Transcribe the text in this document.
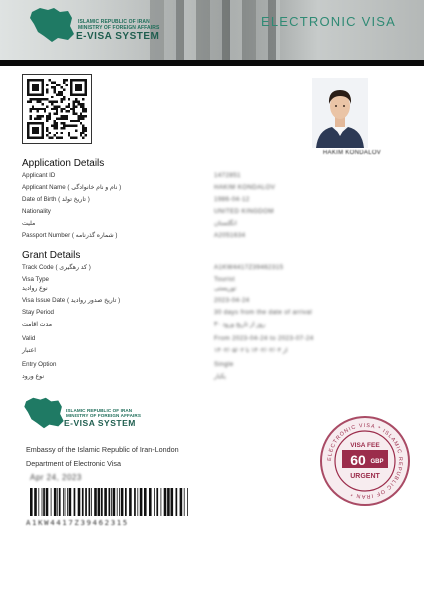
ISLAMIC REPUBLIC OF IRAN
MINISTRY OF FOREIGN AFFAIRS
E-VISA SYSTEM
ELECTRONIC VISA
HAKIM KONDALOV
Application Details
Applicant ID	1472851
Applicant Name ( نام و نام خانوادگی )	HAKIM KONDALOV
Date of Birth ( تاریخ تولد )	1986-04-12
Nationality	UNITED KINGDOM
ملیت	انگلستان
Passport Number ( شماره گذرنامه )	A2051634
Grant Details
Track Code ( کد رهگیری )	A1KW4417Z39462315
Visa Type	Tourist
نوع روادید	توریستی
Visa Issue Date ( تاریخ صدور روادید )	2023-04-24
Stay Period	30 days from the date of arrival
مدت اقامت	۳۰ روز از تاریخ ورود
Valid	From 2023-04-24 to 2023-07-24
اعتبار	از ۱۴۰۲/۰۲/۰۴ تا ۱۴۰۲/۰۵/۰۲
Entry Option	Single
نوع ورود	یکبار
ISLAMIC REPUBLIC OF IRAN
MINISTRY OF FOREIGN AFFAIRS
E-VISA SYSTEM
Embassy of the Islamic Republic of Iran-London
Department of Electronic Visa
Apr 24, 2023
A1KW4417Z39462315
ELECTRONIC VISA * ISLAMIC REPUBLIC OF IRAN *
VISA FEE
60 GBP
URGENT
